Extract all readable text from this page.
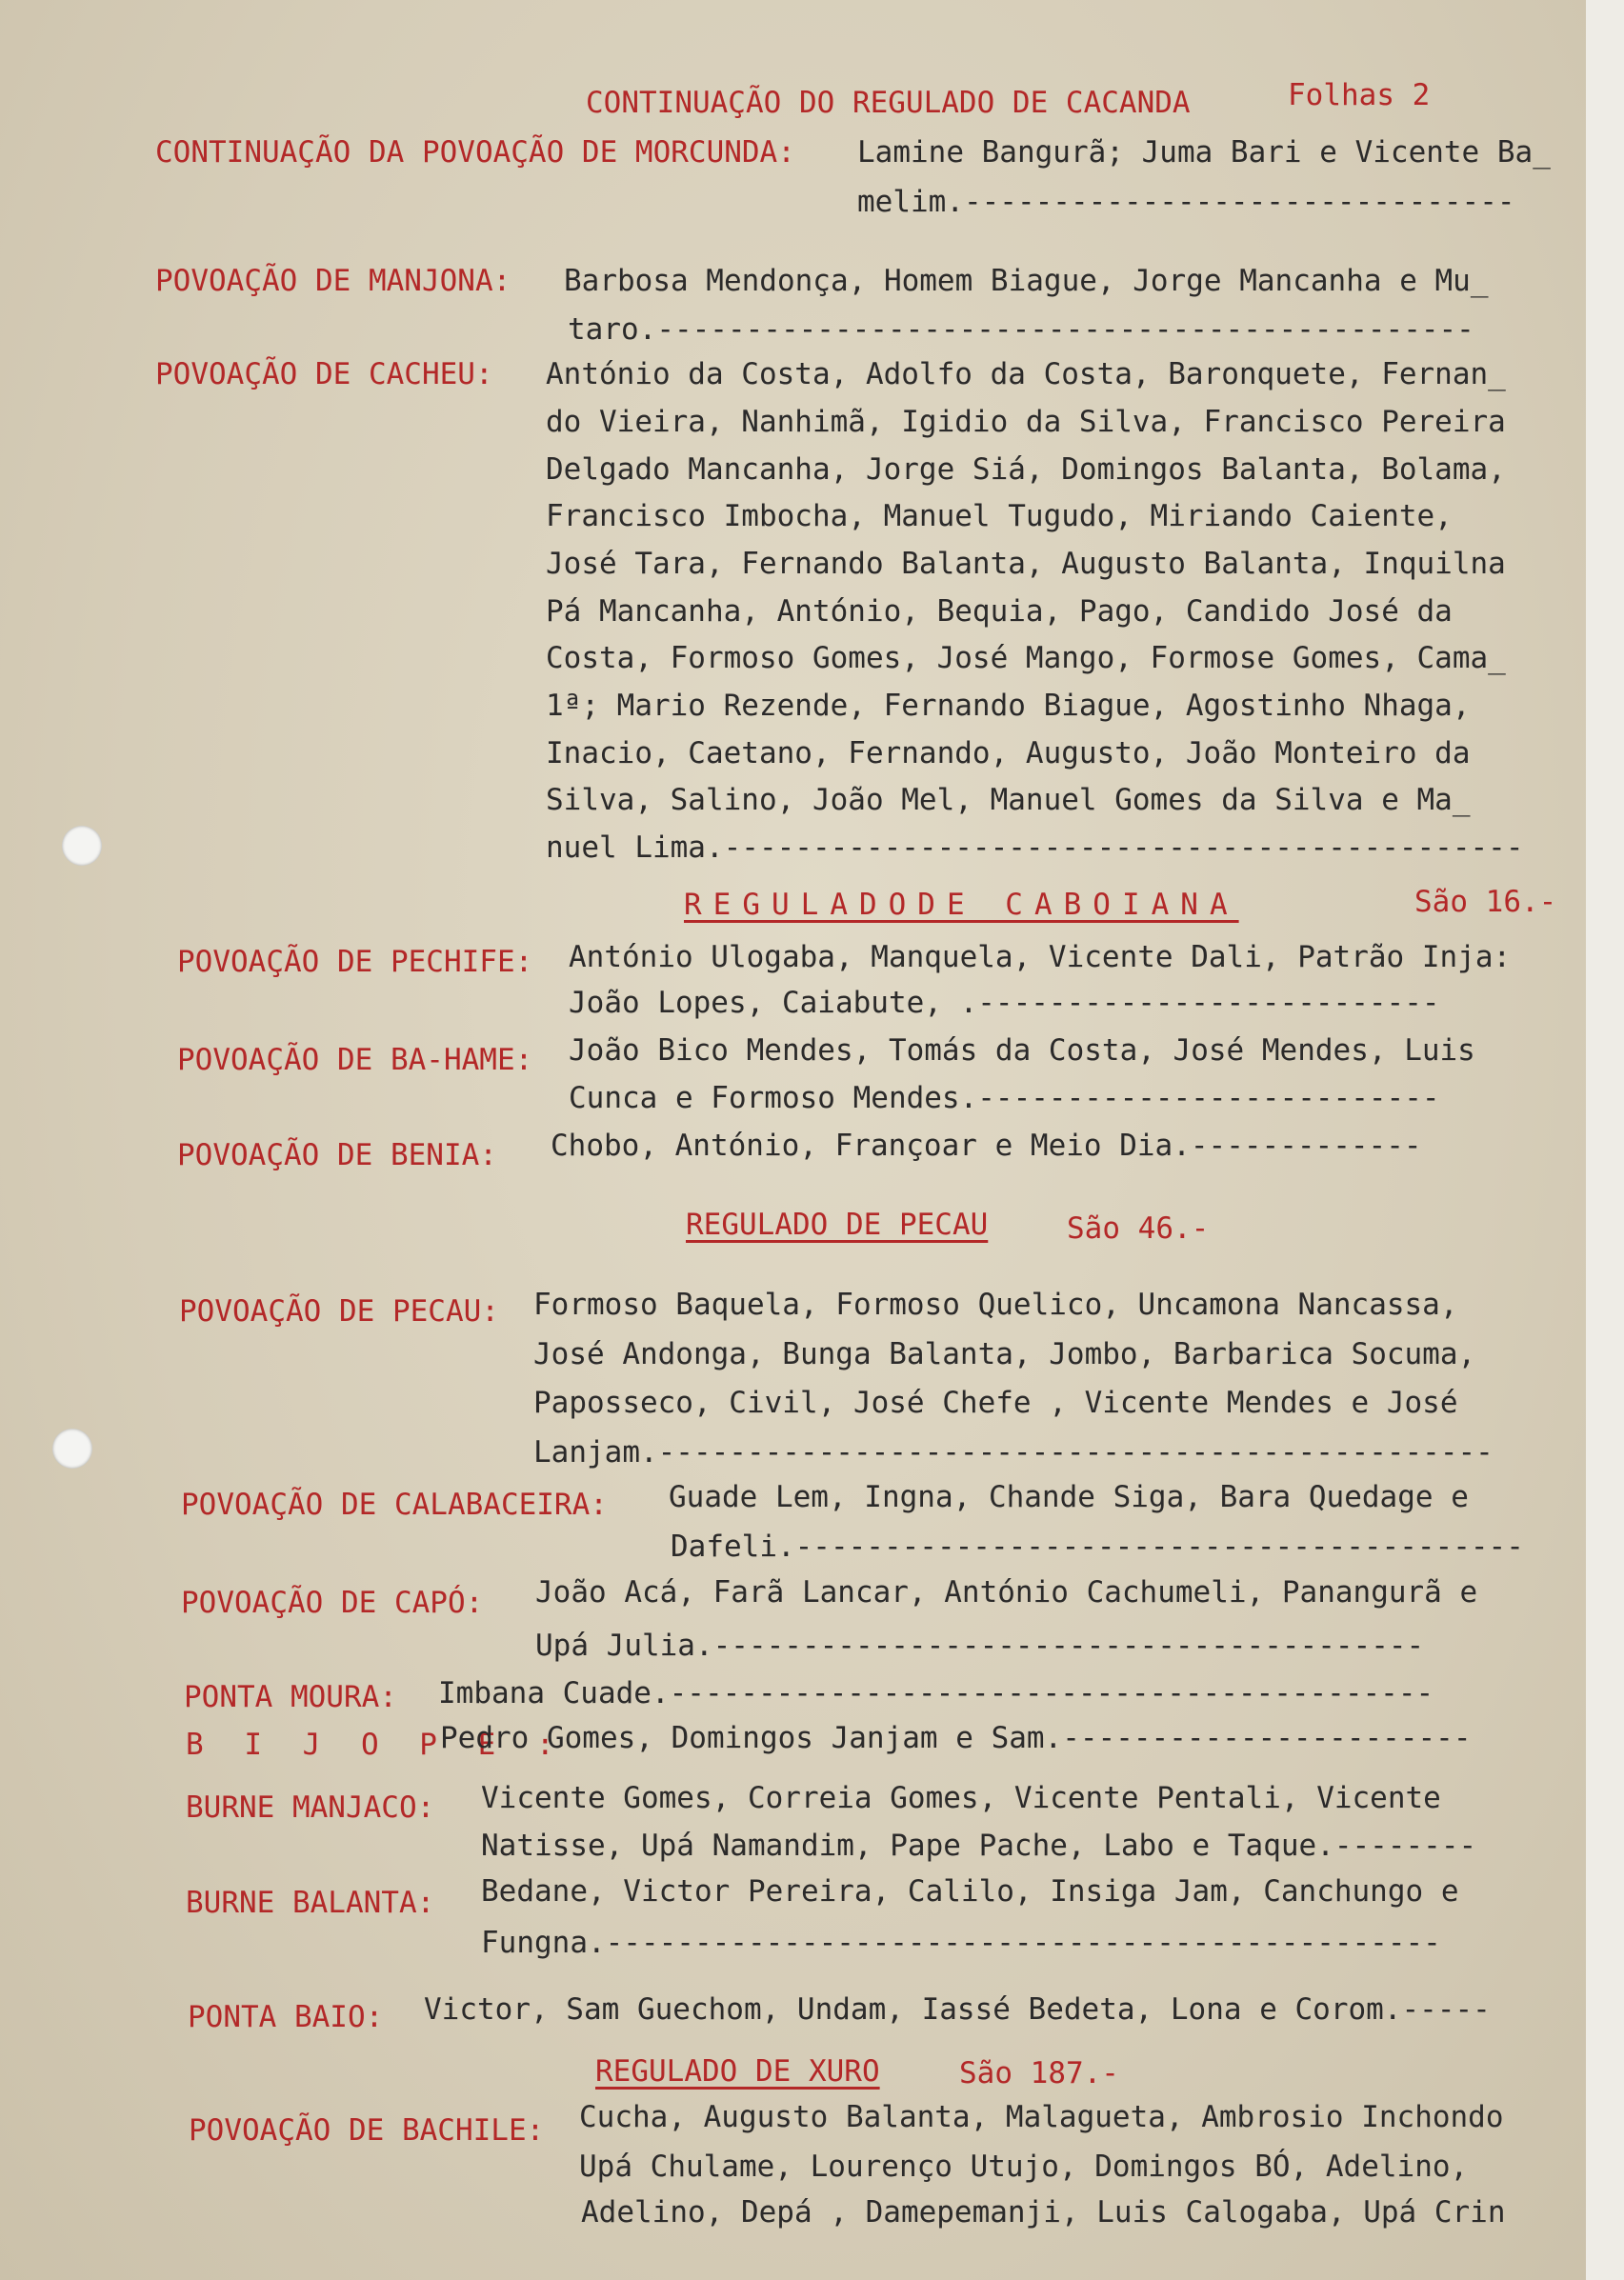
CONTINUAÇÃO DO REGULADO DE CACANDA	Folhas 2
CONTINUAÇÃO DA POVOAÇÃO DE MORCUNDA: Lamine Bangurã; Juma Bari e Vicente Ba_
melim.-------------------------------
POVOAÇÃO DE MANJONA: Barbosa Mendonça, Homem Biague, Jorge Mancanha e Mu_
taro.----------------------------------------------
POVOAÇÃO DE CACHEU: António da Costa, Adolfo da Costa, Baronquete, Fernan_
do Vieira, Nanhimã, Igidio da Silva, Francisco Pereira
Delgado Mancanha, Jorge Siá, Domingos Balanta, Bolama,
Francisco Imbocha, Manuel Tugudo, Miriando Caiente,
José Tara, Fernando Balanta, Augusto Balanta, Inquilna
Pá Mancanha, António, Bequia, Pago, Candido José da
Costa, Formoso Gomes, José Mango, Formose Gomes, Cama_
1ª; Mario Rezende, Fernando Biague, Agostinho Nhaga,
Inacio, Caetano, Fernando, Augusto, João Monteiro da
Silva, Salino, João Mel, Manuel Gomes da Silva e Ma_
nuel Lima.---------------------------------------------
REGULADODE CABOIANA	São 16.-
POVOAÇÃO DE PECHIFE: António Ulogaba, Manquela, Vicente Dali, Patrão Inja:
João Lopes, Caiabute, .--------------------------
POVOAÇÃO DE BA-HAME: João Bico Mendes, Tomás da Costa, José Mendes, Luis
Cunca e Formoso Mendes.--------------------------
POVOAÇÃO DE BENIA: Chobo, António, Françoar e Meio Dia.-------------
REGULADO DE PECAU	São 46.-
POVOAÇÃO DE PECAU: Formoso Baquela, Formoso Quelico, Uncamona Nancassa,
José Andonga, Bunga Balanta, Jombo, Barbarica Socuma,
Paposseco, Civil, José Chefe , Vicente Mendes e José
Lanjam.-----------------------------------------------
POVOAÇÃO DE CALABACEIRA: Guade Lem, Ingna, Chande Siga, Bara Quedage e
Dafeli.-----------------------------------------
POVOAÇÃO DE CAPÓ: João Acá, Farã Lancar, António Cachumeli, Panangurã e
Upá Julia.----------------------------------------
PONTA MOURA: Imbana Cuade.-------------------------------------------
B I J O P E :
Pedro Gomes, Domingos Janjam e Sam.-----------------------
BURNE MANJACO: Vicente Gomes, Correia Gomes, Vicente Pentali, Vicente
Natisse, Upá Namandim, Pape Pache, Labo e Taque.--------
BURNE BALANTA: Bedane, Victor Pereira, Calilo, Insiga Jam, Canchungo e
Fungna.-----------------------------------------------
PONTA BAIO: Victor, Sam Guechom, Undam, Iassé Bedeta, Lona e Corom.-----
REGULADO DE XURO	São 187.-
POVOAÇÃO DE BACHILE: Cucha, Augusto Balanta, Malagueta, Ambrosio Inchondo
Upá Chulame, Lourenço Utujo, Domingos BÓ, Adelino,
Adelino, Depá , Damepemanji, Luis Calogaba, Upá Crin
